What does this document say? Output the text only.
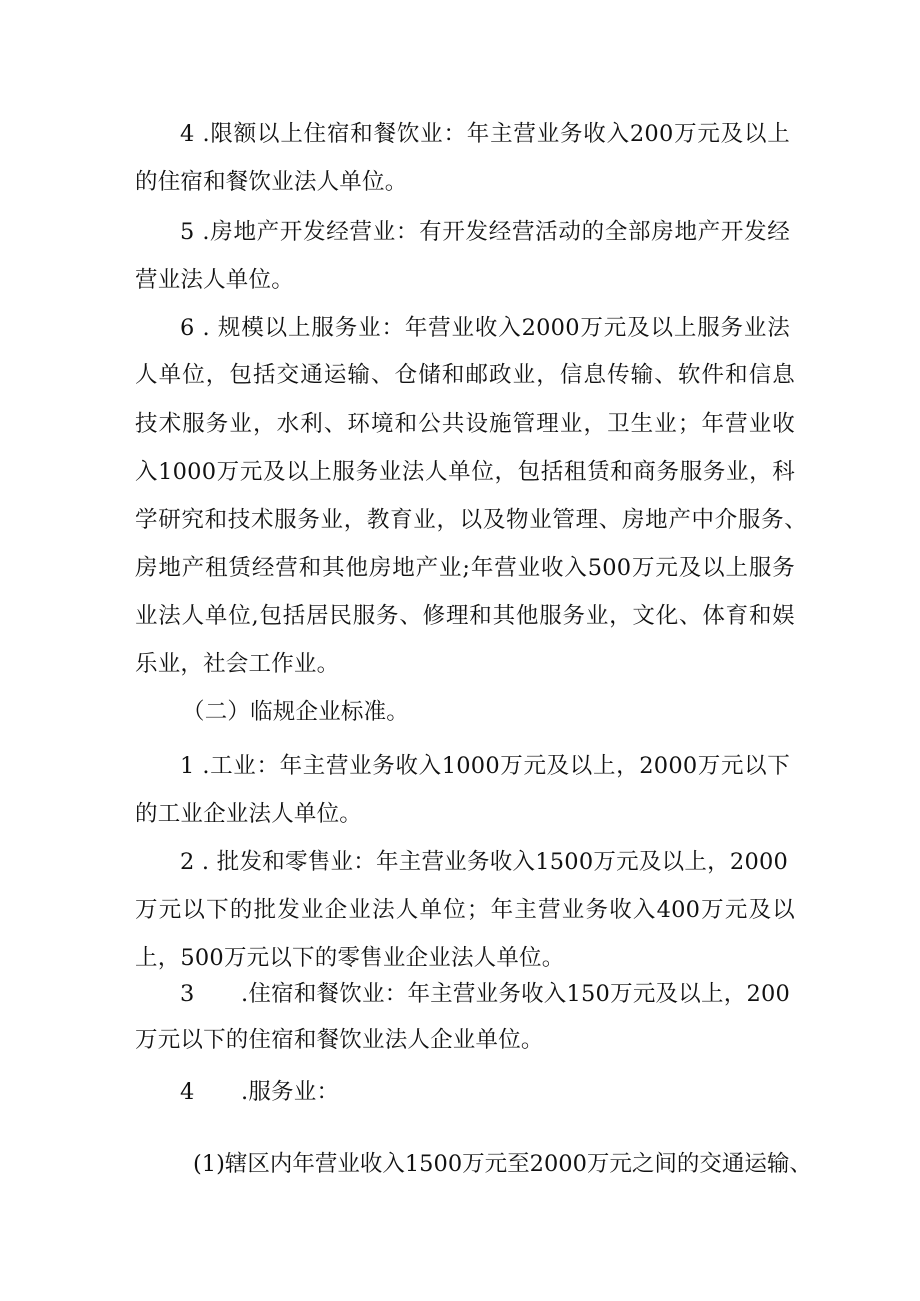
4 .限额以上住宿和餐饮业：年主营业务收入200万元及以上
的住宿和餐饮业法人单位。
5 .房地产开发经营业：有开发经营活动的全部房地产开发经
营业法人单位。
6 . 规模以上服务业：年营业收入2000万元及以上服务业法
人单位，包括交通运输、仓储和邮政业，信息传输、软件和信息
技术服务业，水利、环境和公共设施管理业，卫生业；年营业收
入1000万元及以上服务业法人单位，包括租赁和商务服务业，科
学研究和技术服务业，教育业，以及物业管理、房地产中介服务、
房地产租赁经营和其他房地产业;年营业收入500万元及以上服务
业法人单位,包括居民服务、修理和其他服务业，文化、体育和娱
乐业，社会工作业。
（二）临规企业标准。
1 .工业：年主营业务收入1000万元及以上，2000万元以下
的工业企业法人单位。
2 . 批发和零售业：年主营业务收入1500万元及以上，2000
万元以下的批发业企业法人单位；年主营业务收入400万元及以
上，500万元以下的零售业企业法人单位。
3	.住宿和餐饮业：年主营业务收入150万元及以上，200
万元以下的住宿和餐饮业法人企业单位。
4	.服务业：
(1)辖区内年营业收入1500万元至2000万元之间的交通运输、
